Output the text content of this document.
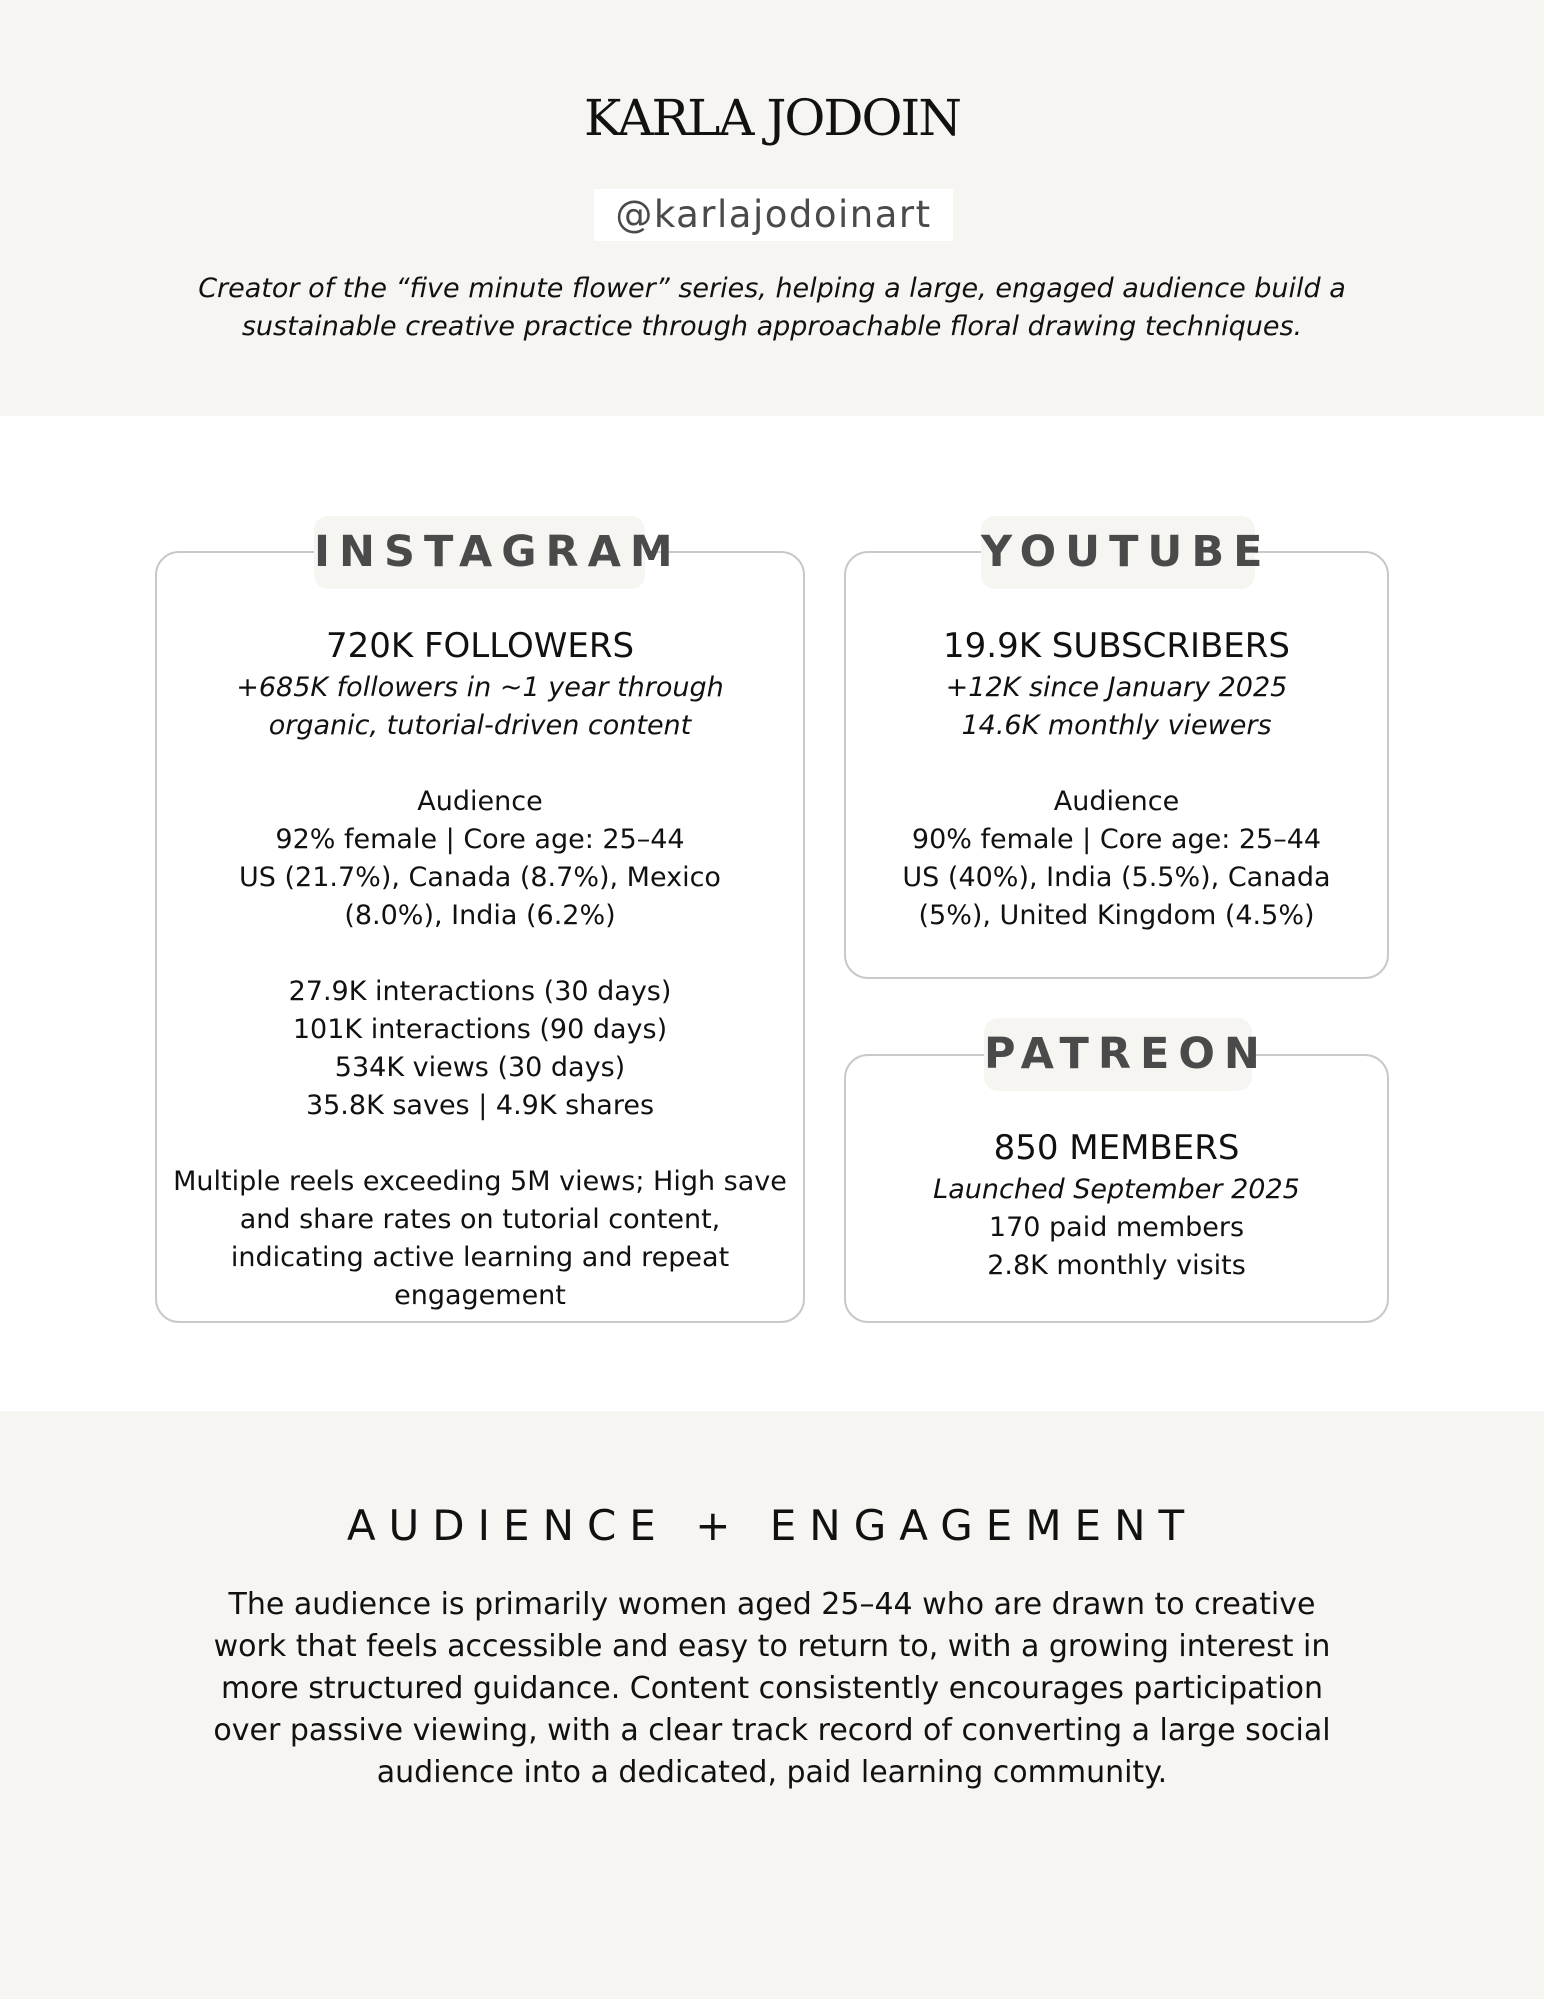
KARLA JODOIN
@karlajodoinart

Creator of the “five minute flower” series, helping a large, engaged audience build a sustainable creative practice through approachable floral drawing techniques.

720K FOLLOWERS

+685K followers in ~1 year through organic, tutorial-driven content

Audience

92% female | Core age: 25–44

US (21.7%), Canada (8.7%), Mexico (8.0%), India (6.2%)

27.9K interactions (30 days)

101K interactions (90 days)

534K views (30 days)

35.8K saves | 4.9K shares

Multiple reels exceeding 5M views; High save and share rates on tutorial content, indicating active learning and repeat engagement

INSTAGRAM

19.9K SUBSCRIBERS

+12K since January 2025

14.6K monthly viewers

Audience

90% female | Core age: 25–44

US (40%), India (5.5%), Canada (5%), United Kingdom (4.5%)

YOUTUBE

850 MEMBERS

Launched September 2025

170 paid members

2.8K monthly visits

PATREON

AUDIENCE + ENGAGEMENT

The audience is primarily women aged 25–44 who are drawn to creative work that feels accessible and easy to return to, with a growing interest in more structured guidance. Content consistently encourages participation over passive viewing, with a clear track record of converting a large social audience into a dedicated, paid learning community.
